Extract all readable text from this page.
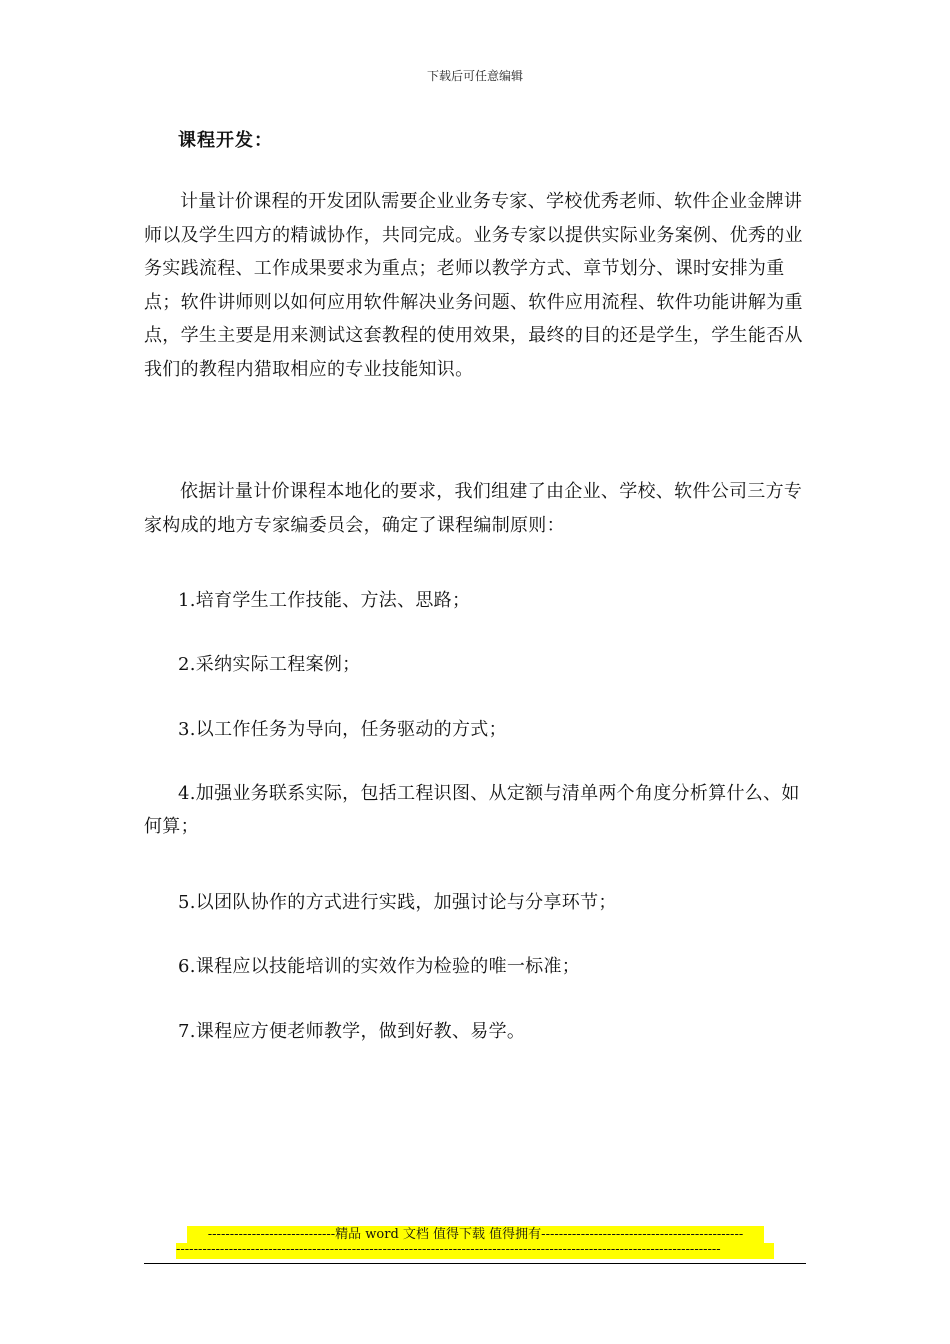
下载后可任意编辑
课程开发：

计量计价课程的开发团队需要企业业务专家、学校优秀老师、软件企业金牌讲师以及学生四方的精诚协作，共同完成。业务专家以提供实际业务案例、优秀的业务实践流程、工作成果要求为重点；老师以教学方式、章节划分、课时安排为重点；软件讲师则以如何应用软件解决业务问题、软件应用流程、软件功能讲解为重点，学生主要是用来测试这套教程的使用效果，最终的目的还是学生，学生能否从我们的教程内猎取相应的专业技能知识。

依据计量计价课程本地化的要求，我们组建了由企业、学校、软件公司三方专家构成的地方专家编委员会，确定了课程编制原则：

1.培育学生工作技能、方法、思路；

2.采纳实际工程案例；

3.以工作任务为导向，任务驱动的方式；

4.加强业务联系实际，包括工程识图、从定额与清单两个角度分析算什么、如何算；

5.以团队协作的方式进行实践，加强讨论与分享环节；

6.课程应以技能培训的实效作为检验的唯一标准；

7.课程应方便老师教学，做到好教、易学。

-----------------------------精品 word 文档 值得下载 值得拥有----------------------------------------------
----------------------------------------------------------------------------------------------------------------------------
